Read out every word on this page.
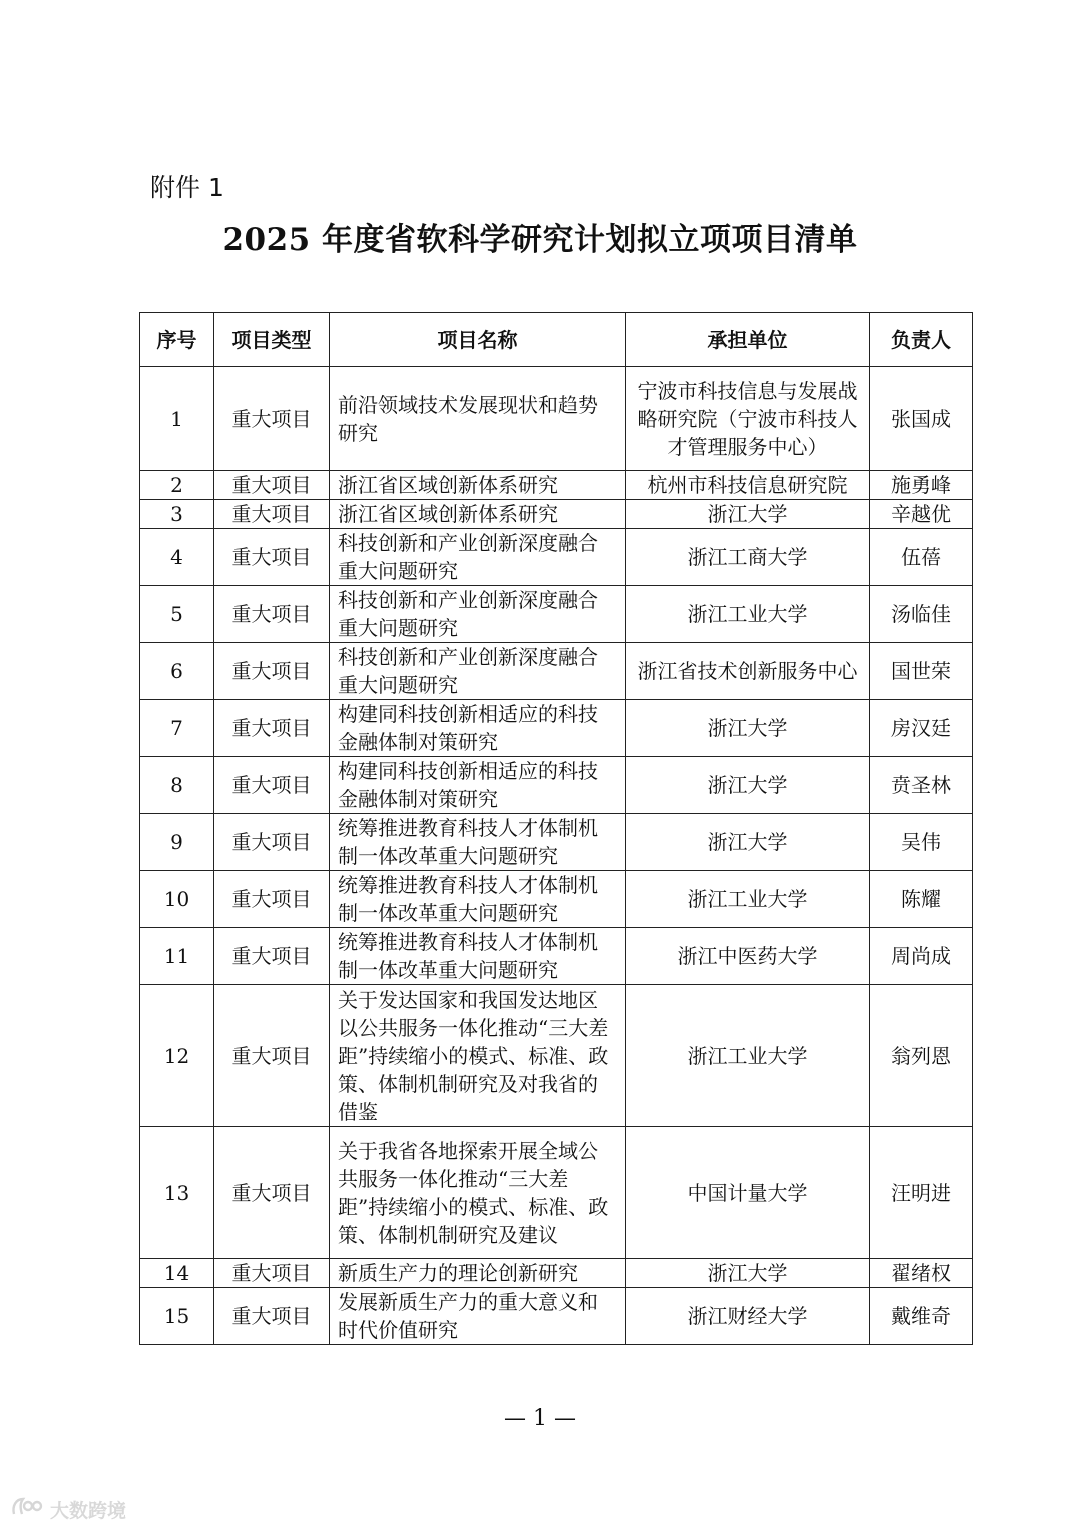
附件 1
2025 年度省软科学研究计划拟立项项目清单
序号	项目类型	项目名称	承担单位	负责人
1	重大项目	前沿领域技术发展现状和趋势研究	宁波市科技信息与发展战略研究院（宁波市科技人才管理服务中心）	张国成
2	重大项目	浙江省区域创新体系研究	杭州市科技信息研究院	施勇峰
3	重大项目	浙江省区域创新体系研究	浙江大学	辛越优
4	重大项目	科技创新和产业创新深度融合重大问题研究	浙江工商大学	伍蓓
5	重大项目	科技创新和产业创新深度融合重大问题研究	浙江工业大学	汤临佳
6	重大项目	科技创新和产业创新深度融合重大问题研究	浙江省技术创新服务中心	国世荣
7	重大项目	构建同科技创新相适应的科技金融体制对策研究	浙江大学	房汉廷
8	重大项目	构建同科技创新相适应的科技金融体制对策研究	浙江大学	贲圣林
9	重大项目	统筹推进教育科技人才体制机制一体改革重大问题研究	浙江大学	吴伟
10	重大项目	统筹推进教育科技人才体制机制一体改革重大问题研究	浙江工业大学	陈耀
11	重大项目	统筹推进教育科技人才体制机制一体改革重大问题研究	浙江中医药大学	周尚成
12	重大项目	关于发达国家和我国发达地区以公共服务一体化推动“三大差距”持续缩小的模式、标准、政策、体制机制研究及对我省的借鉴	浙江工业大学	翁列恩
13	重大项目	关于我省各地探索开展全域公共服务一体化推动“三大差距”持续缩小的模式、标准、政策、体制机制研究及建议	中国计量大学	汪明进
14	重大项目	新质生产力的理论创新研究	浙江大学	翟绪权
15	重大项目	发展新质生产力的重大意义和时代价值研究	浙江财经大学	戴维奇
— 1 —
大数跨境
